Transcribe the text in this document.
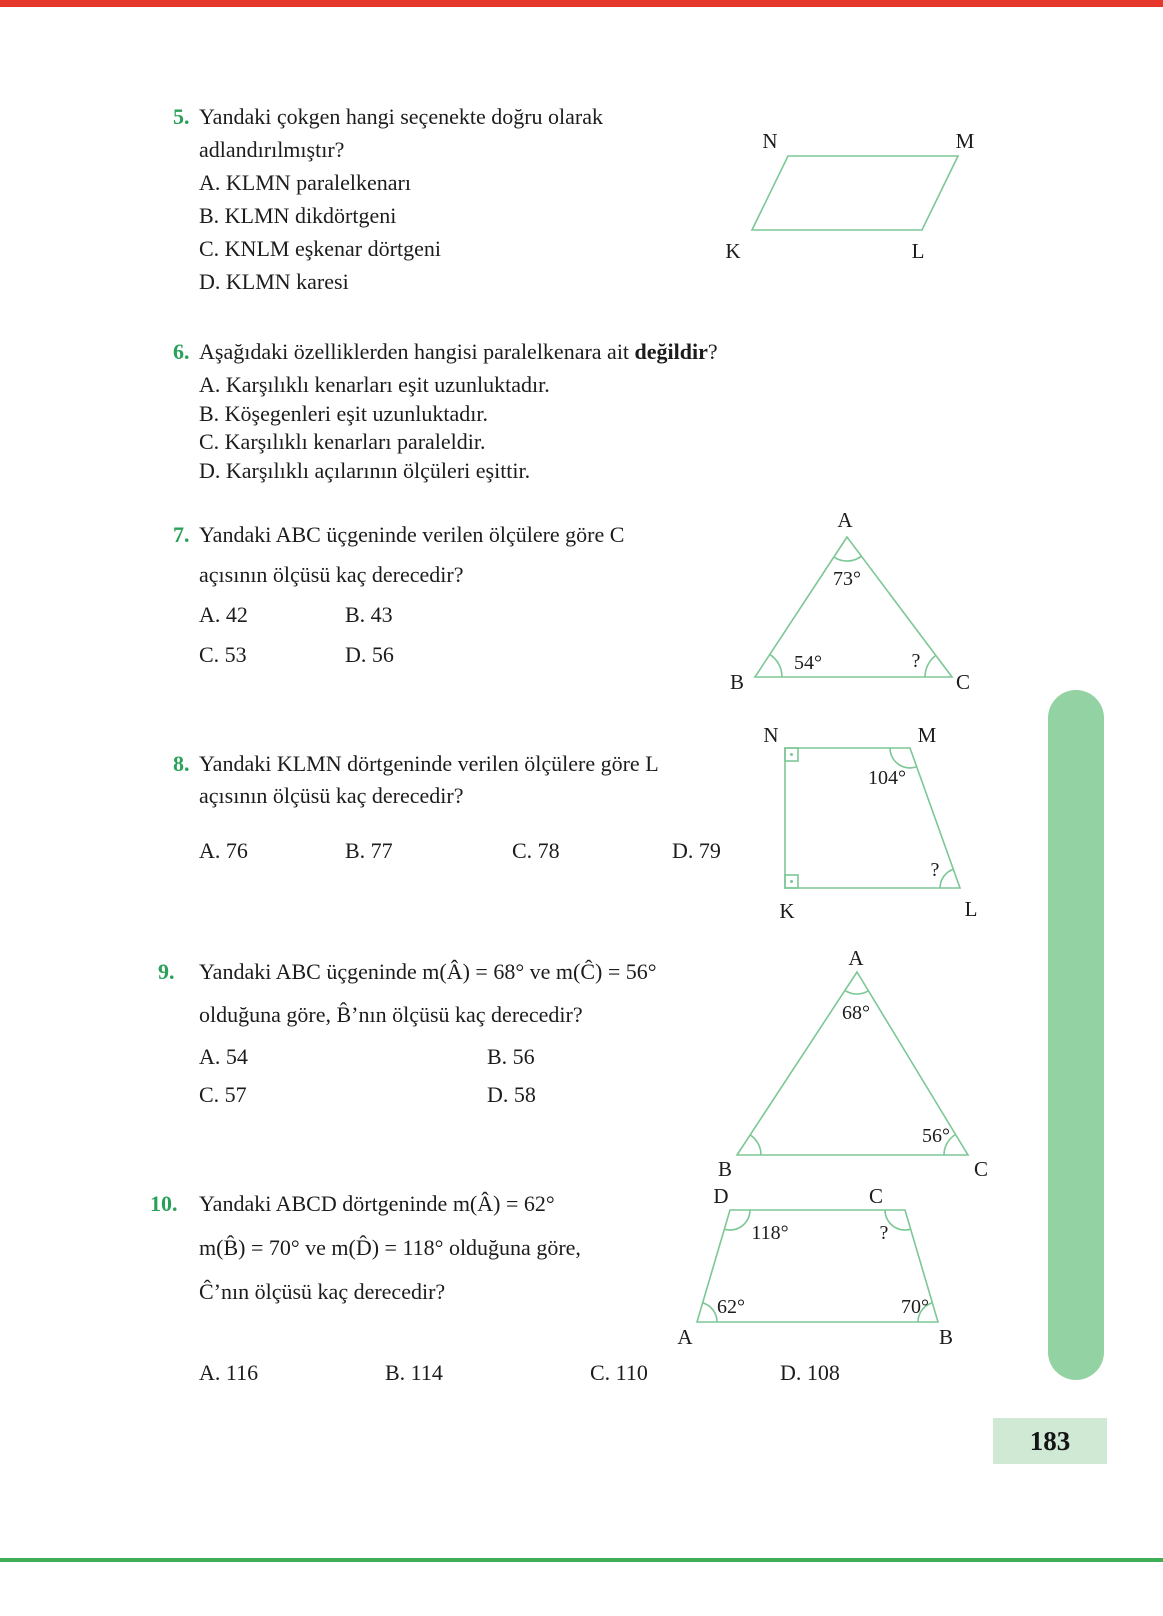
183
5. Yandaki çokgen hangi seçenekte doğru olarak
adlandırılmıştır?
A. KLMN paralelkenarı
B. KLMN dikdörtgeni
C. KNLM eşkenar dörtgeni
D. KLMN karesi
N	M
K	L
6. Aşağıdaki özelliklerden hangisi paralelkenara ait değildir?
A. Karşılıklı kenarları eşit uzunluktadır.
B. Köşegenleri eşit uzunluktadır.
C. Karşılıklı kenarları paraleldir.
D. Karşılıklı açılarının ölçüleri eşittir.
7. Yandaki ABC üçgeninde verilen ölçülere göre C
açısının ölçüsü kaç derecedir?
A. 42	B. 43
C. 53	D. 56
A
B	C
73°
54°	?
8. Yandaki KLMN dörtgeninde verilen ölçülere göre L
açısının ölçüsü kaç derecedir?
A. 76	B. 77	C. 78	D. 79
N	M
K	L
104°
?
9. Yandaki ABC üçgeninde m(Â) = 68° ve m(Ĉ) = 56°
olduğuna göre, B̂’nın ölçüsü kaç derecedir?
A. 54	B. 56
C. 57	D. 58
A
B	C
68°
56°
10. Yandaki ABCD dörtgeninde m(Â) = 62°
m(B̂) = 70° ve m(D̂) = 118° olduğuna göre,
Ĉ’nın ölçüsü kaç derecedir?
A. 116	B. 114	C. 110	D. 108
D	C
A	B
118°	?
62°	70°
